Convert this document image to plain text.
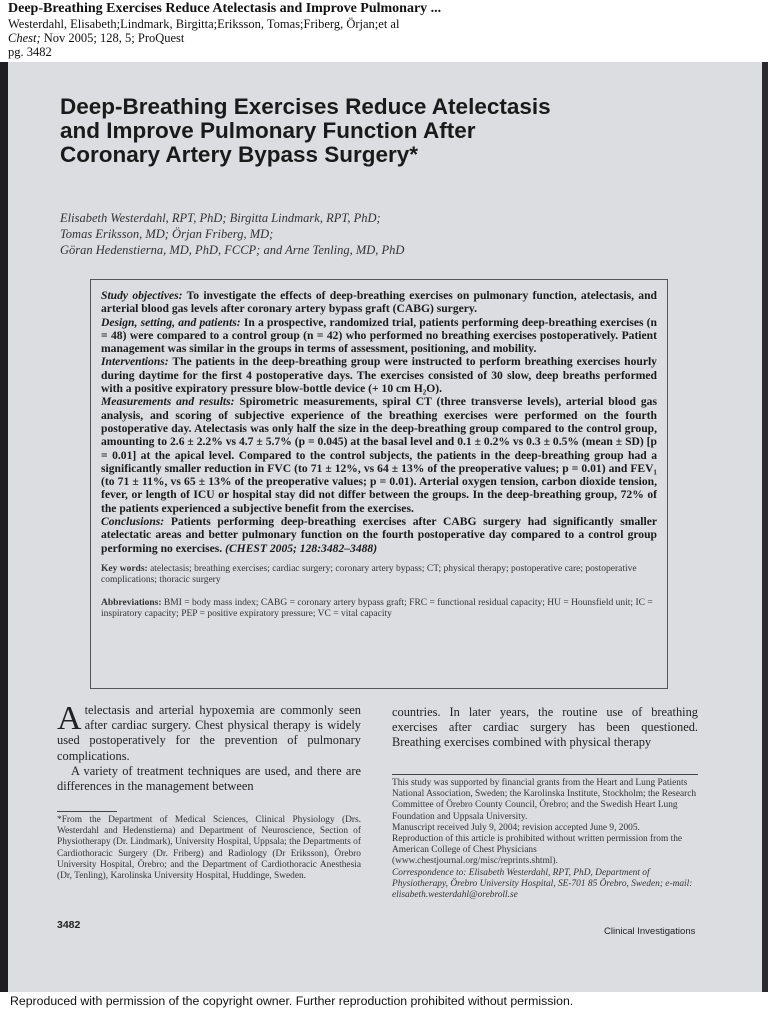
Deep-Breathing Exercises Reduce Atelectasis and Improve Pulmonary ...
Westerdahl, Elisabeth;Lindmark, Birgitta;Eriksson, Tomas;Friberg, Örjan;et al
Chest; Nov 2005; 128, 5; ProQuest
pg. 3482
Deep-Breathing Exercises Reduce Atelectasis and Improve Pulmonary Function After Coronary Artery Bypass Surgery*
Elisabeth Westerdahl, RPT, PhD; Birgitta Lindmark, RPT, PhD;
Tomas Eriksson, MD; Örjan Friberg, MD;
Göran Hedenstierna, MD, PhD, FCCP; and Arne Tenling, MD, PhD

Study objectives: To investigate the effects of deep-breathing exercises on pulmonary function, atelectasis, and arterial blood gas levels after coronary artery bypass graft (CABG) surgery.

Design, setting, and patients: In a prospective, randomized trial, patients performing deep-breathing exercises (n = 48) were compared to a control group (n = 42) who performed no breathing exercises postoperatively. Patient management was similar in the groups in terms of assessment, positioning, and mobility.

Interventions: The patients in the deep-breathing group were instructed to perform breathing exercises hourly during daytime for the first 4 postoperative days. The exercises consisted of 30 slow, deep breaths performed with a positive expiratory pressure blow-bottle device (+ 10 cm H₂O).

Measurements and results: Spirometric measurements, spiral CT (three transverse levels), arterial blood gas analysis, and scoring of subjective experience of the breathing exercises were performed on the fourth postoperative day. Atelectasis was only half the size in the deep-breathing group compared to the control group, amounting to 2.6 ± 2.2% vs 4.7 ± 5.7% (p = 0.045) at the basal level and 0.1 ± 0.2% vs 0.3 ± 0.5% (mean ± SD) [p = 0.01] at the apical level. Compared to the control subjects, the patients in the deep-breathing group had a significantly smaller reduction in FVC (to 71 ± 12%, vs 64 ± 13% of the preoperative values; p = 0.01) and FEV₁ (to 71 ± 11%, vs 65 ± 13% of the preoperative values; p = 0.01). Arterial oxygen tension, carbon dioxide tension, fever, or length of ICU or hospital stay did not differ between the groups. In the deep-breathing group, 72% of the patients experienced a subjective benefit from the exercises.

Conclusions: Patients performing deep-breathing exercises after CABG surgery had significantly smaller atelectatic areas and better pulmonary function on the fourth postoperative day compared to a control group performing no exercises. (CHEST 2005; 128:3482–3488)

Key words: atelectasis; breathing exercises; cardiac surgery; coronary artery bypass; CT; physical therapy; postoperative care; postoperative complications; thoracic surgery
Abbreviations: BMI = body mass index; CABG = coronary artery bypass graft; FRC = functional residual capacity; HU = Hounsfield unit; IC = inspiratory capacity; PEP = positive expiratory pressure; VC = vital capacity

Atelectasis and arterial hypoxemia are commonly seen after cardiac surgery. Chest physical therapy is widely used postoperatively for the prevention of pulmonary complications.

A variety of treatment techniques are used, and there are differences in the management between

countries. In later years, the routine use of breathing exercises after cardiac surgery has been questioned. Breathing exercises combined with physical therapy

*From the Department of Medical Sciences, Clinical Physiology (Drs. Westerdahl and Hedenstierna) and Department of Neuroscience, Section of Physiotherapy (Dr. Lindmark), University Hospital, Uppsala; the Departments of Cardiothoracic Surgery (Dr. Friberg) and Radiology (Dr Eriksson), Örebro University Hospital, Örebro; and the Department of Cardiothoracic Anesthesia (Dr, Tenling), Karolinska University Hospital, Huddinge, Sweden.

This study was supported by financial grants from the Heart and Lung Patients National Association, Sweden; the Karolinska Institute, Stockholm; the Research Committee of Örebro County Council, Örebro; and the Swedish Heart Lung Foundation and Uppsala University.

Manuscript received July 9, 2004; revision accepted June 9, 2005.

Reproduction of this article is prohibited without written permission from the American College of Chest Physicians (www.chestjournal.org/misc/reprints.shtml).

Correspondence to: Elisabeth Westerdahl, RPT, PhD, Department of Physiotherapy, Örebro University Hospital, SE-701 85 Örebro, Sweden; e-mail: elisabeth.westerdahl@orebroll.se

3482
Clinical Investigations
Reproduced with permission of the copyright owner. Further reproduction prohibited without permission.
